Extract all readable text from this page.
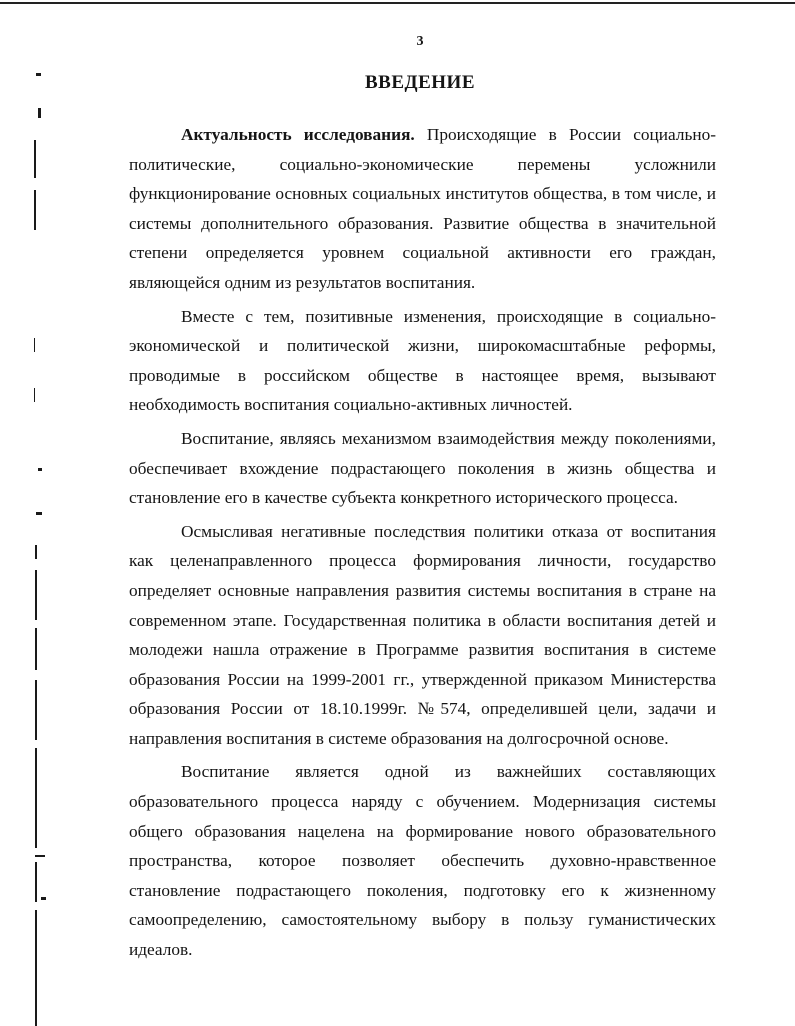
3
ВВЕДЕНИЕ

Актуальность исследования. Происходящие в России социально-политические, социально-экономические перемены усложнили функционирование основных социальных институтов общества, в том числе, и системы дополнительного образования. Развитие общества в значительной степени определяется уровнем социальной активности его граждан, являющейся одним из результатов воспитания.

Вместе с тем, позитивные изменения, происходящие в социально-экономической и политической жизни, широкомасштабные реформы, проводимые в российском обществе в настоящее время, вызывают необходимость воспитания социально-активных личностей.

Воспитание, являясь механизмом взаимодействия между поколениями, обеспечивает вхождение подрастающего поколения в жизнь общества и становление его в качестве субъекта конкретного исторического процесса.

Осмысливая негативные последствия политики отказа от воспитания как целенаправленного процесса формирования личности, государство определяет основные направления развития системы воспитания в стране на современном этапе. Государственная политика в области воспитания детей и молодежи нашла отражение в Программе развития воспитания в системе образования России на 1999-2001 гг., утвержденной приказом Министерства образования России от 18.10.1999г. №574, определившей цели, задачи и направления воспитания в системе образования на долгосрочной основе.

Воспитание является одной из важнейших составляющих образовательного процесса наряду с обучением. Модернизация системы общего образования нацелена на формирование нового образовательного пространства, которое позволяет обеспечить духовно-нравственное становление подрастающего поколения, подготовку его к жизненному самоопределению, самостоятельному выбору в пользу гуманистических идеалов.
